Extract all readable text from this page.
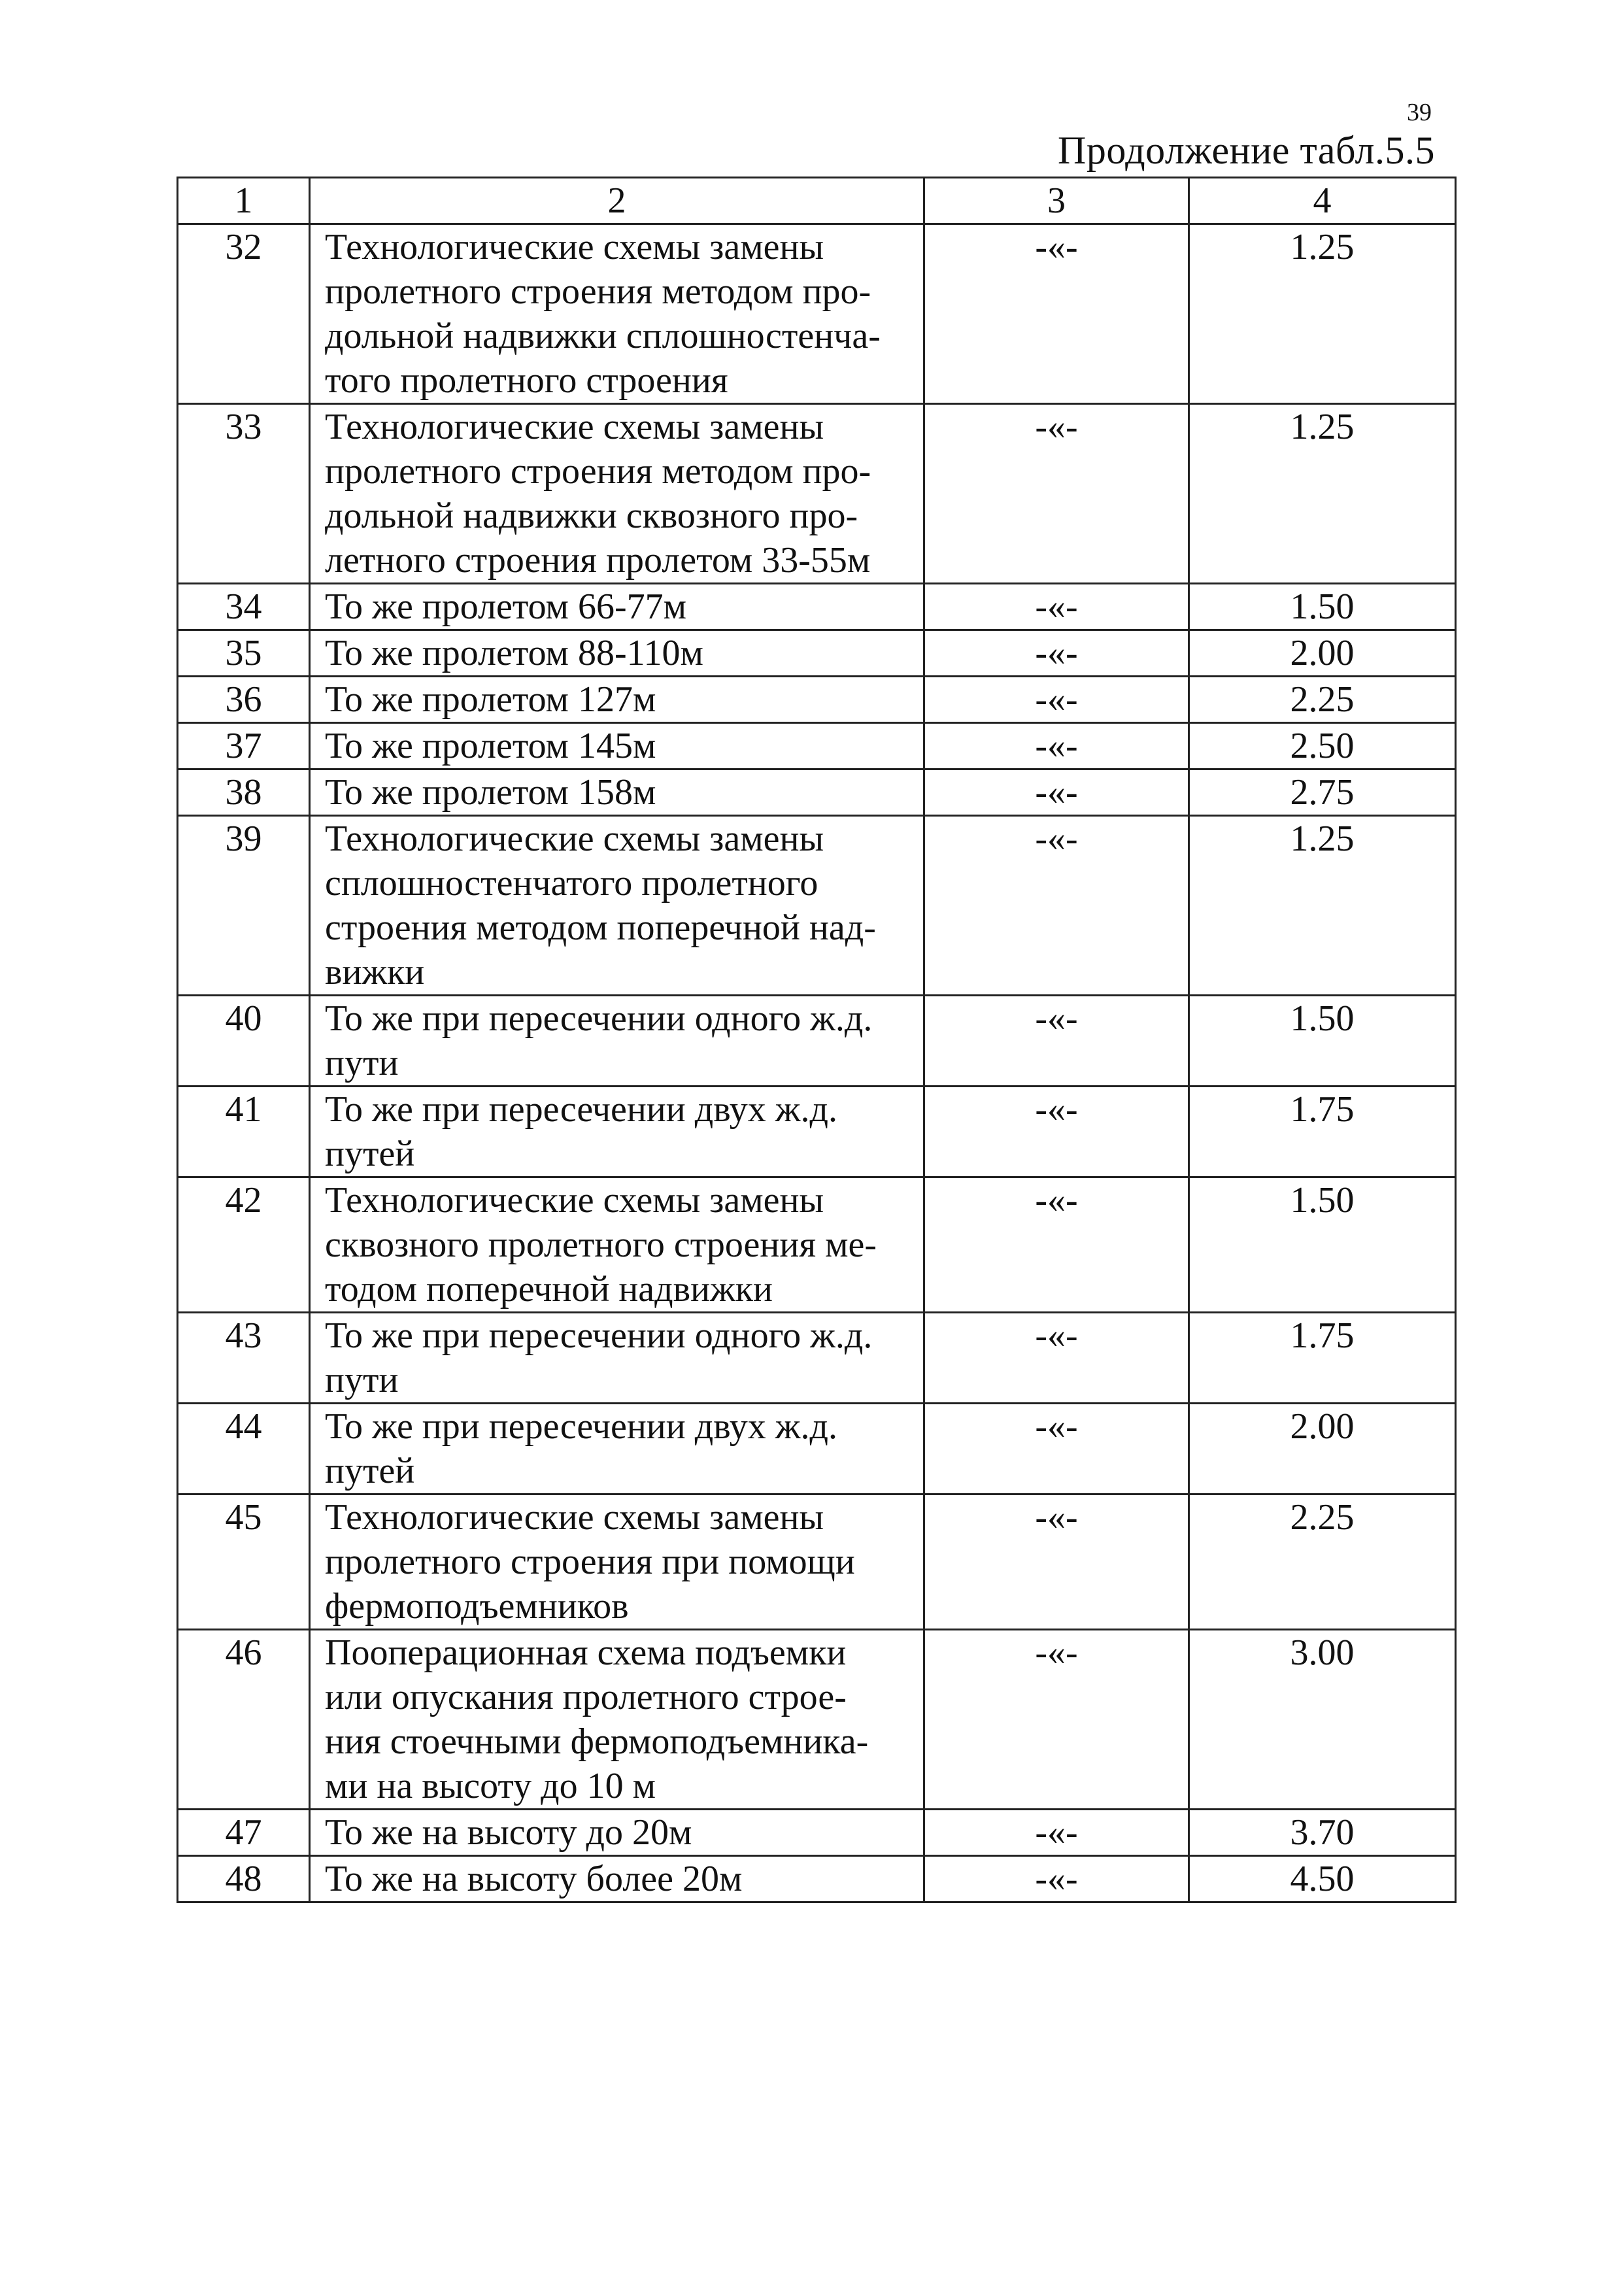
39
Продолжение табл.5.5
1	2	3	4
32	Технологические схемы замены
пролетного строения методом про-
дольной надвижки сплошностенча-
того пролетного строения	-«-	1.25
33	Технологические схемы замены
пролетного строения методом про-
дольной надвижки сквозного про-
летного строения пролетом 33-55м	-«-	1.25
34	То же пролетом 66-77м	-«-	1.50
35	То же пролетом 88-110м	-«-	2.00
36	То же пролетом 127м	-«-	2.25
37	То же пролетом 145м	-«-	2.50
38	То же пролетом 158м	-«-	2.75
39	Технологические схемы замены
сплошностенчатого пролетного
строения методом поперечной над-
вижки	-«-	1.25
40	То же при пересечении одного ж.д.
пути	-«-	1.50
41	То же при пересечении двух ж.д.
путей	-«-	1.75
42	Технологические схемы замены
сквозного пролетного строения ме-
тодом поперечной надвижки	-«-	1.50
43	То же при пересечении одного ж.д.
пути	-«-	1.75
44	То же при пересечении двух ж.д.
путей	-«-	2.00
45	Технологические схемы замены
пролетного строения при помощи
фермоподъемников	-«-	2.25
46	Пооперационная схема подъемки
или опускания пролетного строе-
ния стоечными фермоподъемника-
ми на высоту до 10 м	-«-	3.00
47	То же на высоту до 20м	-«-	3.70
48	То же на высоту более 20м	-«-	4.50
